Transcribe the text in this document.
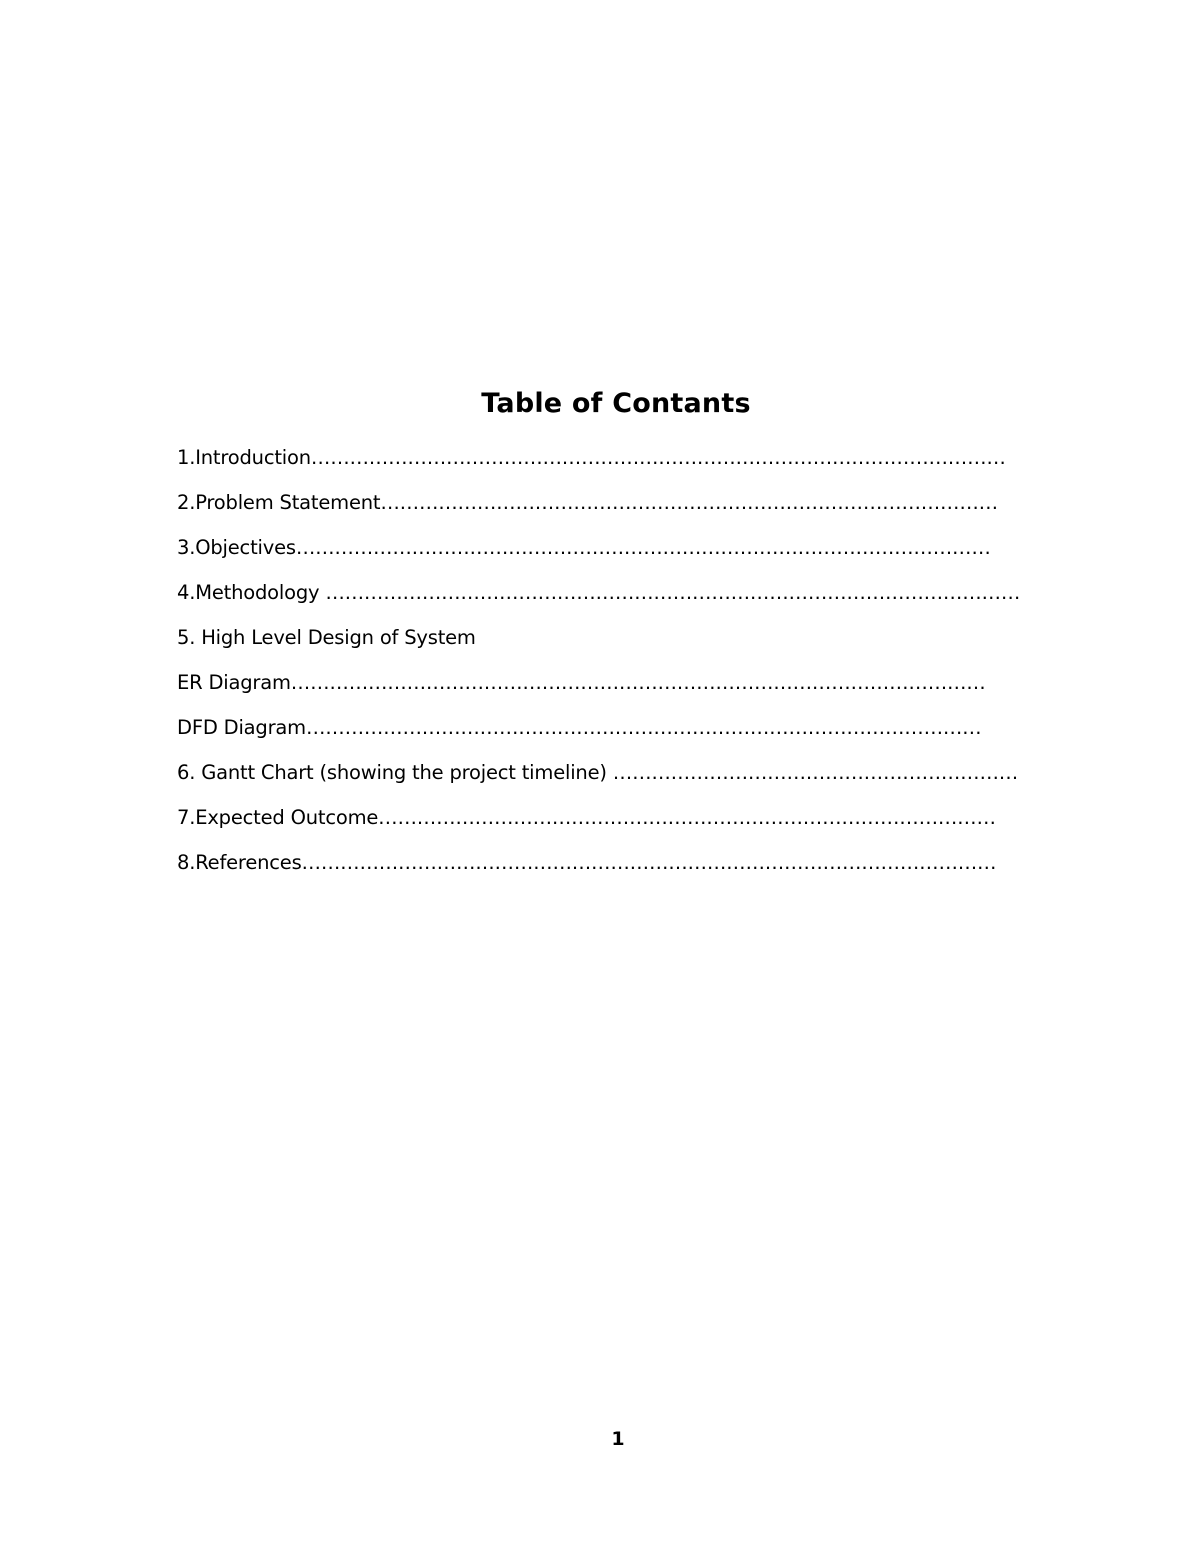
Table of Contants
1.Introduction………………………………………………………………………………………………
2.Problem Statement……………………………………………………………………………………
3.Objectives………………………………………………………………………………………………
4.Methodology ………………………………………………………………………………………………
5. High Level Design of System
ER Diagram………………………………………………………………………………………………
DFD Diagram……………………………………………………………………………………………
6. Gantt Chart (showing the project timeline) ………………………………………………………
7.Expected Outcome……………………………………………………………………………………
8.References………………………………………………………………………………………………
1
